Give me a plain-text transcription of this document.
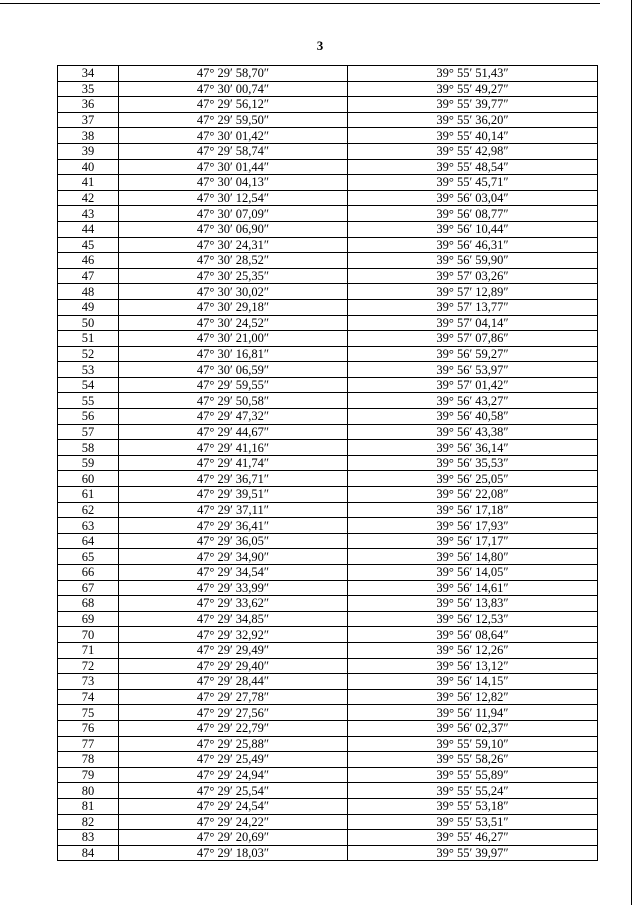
3
34	47° 29′ 58,70″	39° 55′ 51,43″
35	47° 30′ 00,74″	39° 55′ 49,27″
36	47° 29′ 56,12″	39° 55′ 39,77″
37	47° 29′ 59,50″	39° 55′ 36,20″
38	47° 30′ 01,42″	39° 55′ 40,14″
39	47° 29′ 58,74″	39° 55′ 42,98″
40	47° 30′ 01,44″	39° 55′ 48,54″
41	47° 30′ 04,13″	39° 55′ 45,71″
42	47° 30′ 12,54″	39° 56′ 03,04″
43	47° 30′ 07,09″	39° 56′ 08,77″
44	47° 30′ 06,90″	39° 56′ 10,44″
45	47° 30′ 24,31″	39° 56′ 46,31″
46	47° 30′ 28,52″	39° 56′ 59,90″
47	47° 30′ 25,35″	39° 57′ 03,26″
48	47° 30′ 30,02″	39° 57′ 12,89″
49	47° 30′ 29,18″	39° 57′ 13,77″
50	47° 30′ 24,52″	39° 57′ 04,14″
51	47° 30′ 21,00″	39° 57′ 07,86″
52	47° 30′ 16,81″	39° 56′ 59,27″
53	47° 30′ 06,59″	39° 56′ 53,97″
54	47° 29′ 59,55″	39° 57′ 01,42″
55	47° 29′ 50,58″	39° 56′ 43,27″
56	47° 29′ 47,32″	39° 56′ 40,58″
57	47° 29′ 44,67″	39° 56′ 43,38″
58	47° 29′ 41,16″	39° 56′ 36,14″
59	47° 29′ 41,74″	39° 56′ 35,53″
60	47° 29′ 36,71″	39° 56′ 25,05″
61	47° 29′ 39,51″	39° 56′ 22,08″
62	47° 29′ 37,11″	39° 56′ 17,18″
63	47° 29′ 36,41″	39° 56′ 17,93″
64	47° 29′ 36,05″	39° 56′ 17,17″
65	47° 29′ 34,90″	39° 56′ 14,80″
66	47° 29′ 34,54″	39° 56′ 14,05″
67	47° 29′ 33,99″	39° 56′ 14,61″
68	47° 29′ 33,62″	39° 56′ 13,83″
69	47° 29′ 34,85″	39° 56′ 12,53″
70	47° 29′ 32,92″	39° 56′ 08,64″
71	47° 29′ 29,49″	39° 56′ 12,26″
72	47° 29′ 29,40″	39° 56′ 13,12″
73	47° 29′ 28,44″	39° 56′ 14,15″
74	47° 29′ 27,78″	39° 56′ 12,82″
75	47° 29′ 27,56″	39° 56′ 11,94″
76	47° 29′ 22,79″	39° 56′ 02,37″
77	47° 29′ 25,88″	39° 55′ 59,10″
78	47° 29′ 25,49″	39° 55′ 58,26″
79	47° 29′ 24,94″	39° 55′ 55,89″
80	47° 29′ 25,54″	39° 55′ 55,24″
81	47° 29′ 24,54″	39° 55′ 53,18″
82	47° 29′ 24,22″	39° 55′ 53,51″
83	47° 29′ 20,69″	39° 55′ 46,27″
84	47° 29′ 18,03″	39° 55′ 39,97″
